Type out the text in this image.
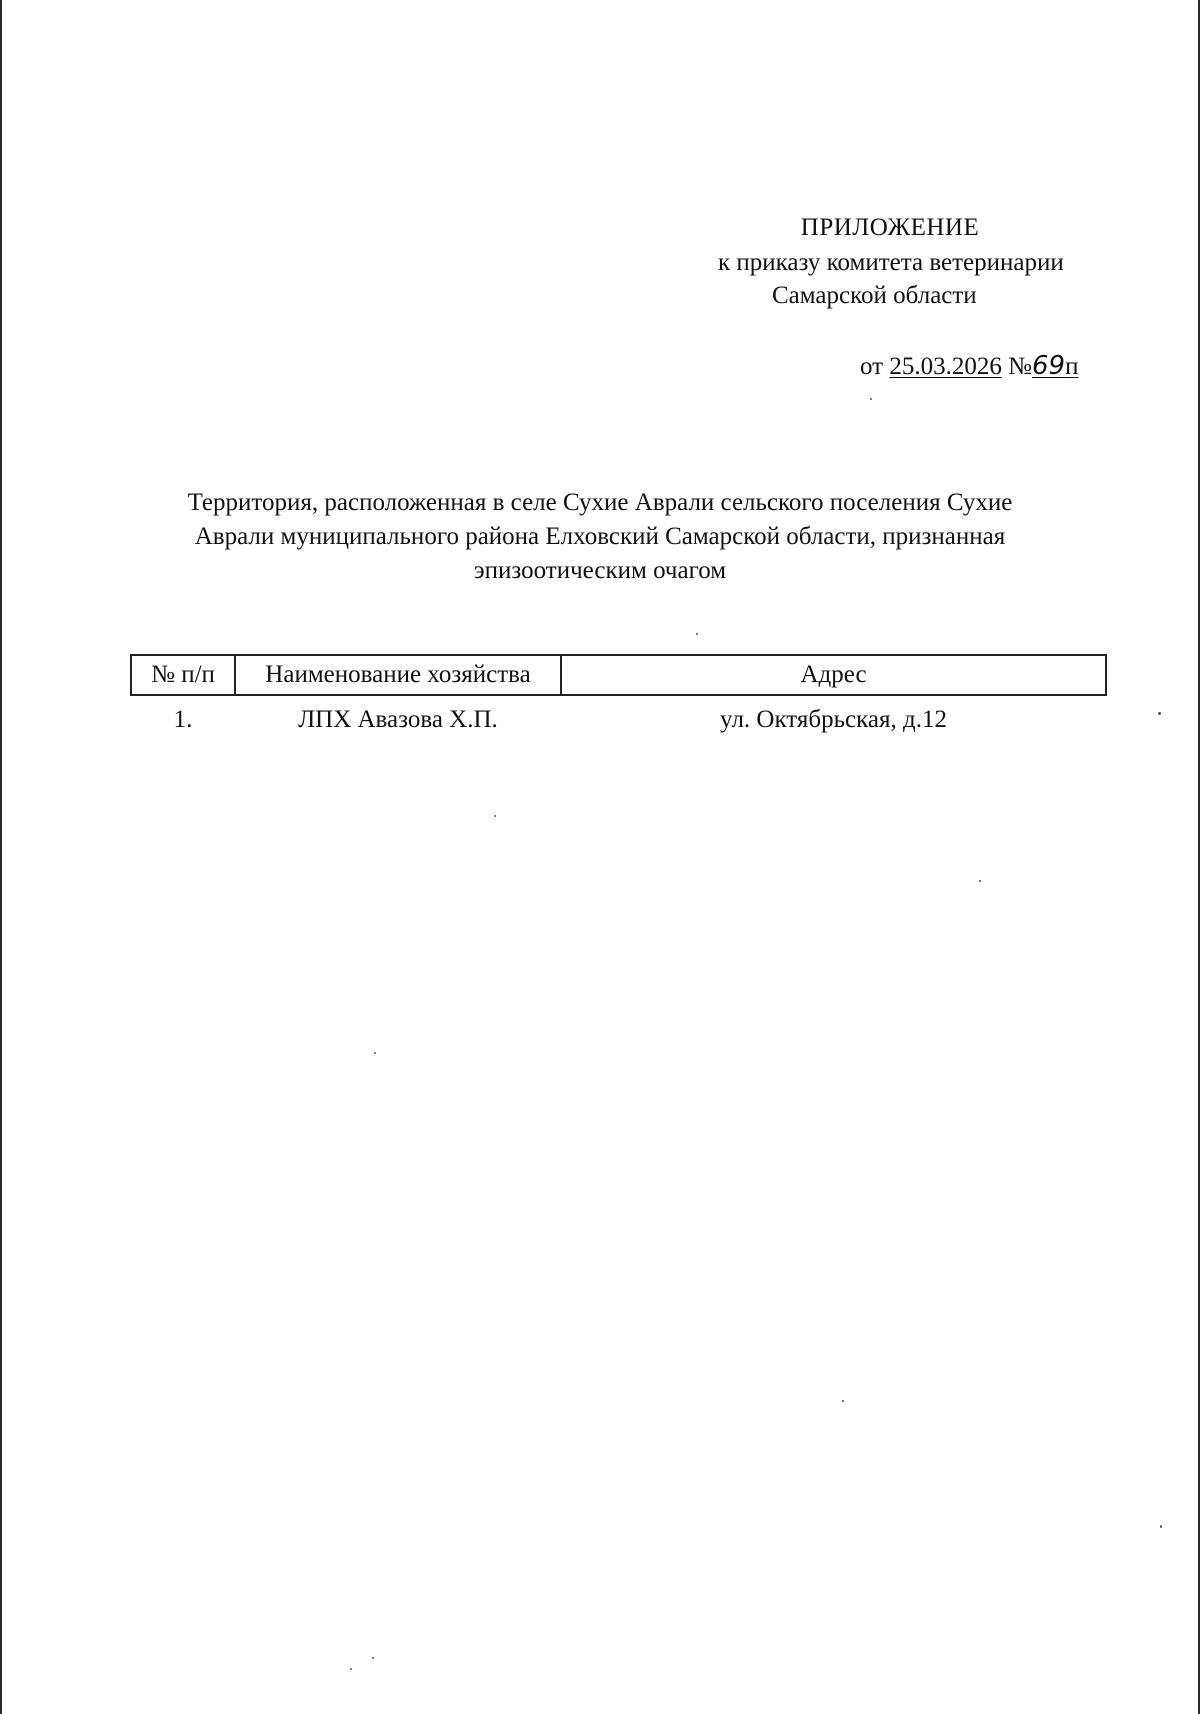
ПРИЛОЖЕНИЕ
к приказу комитета ветеринарии
Самарской области
от 25.03.2026 №69п
Территория, расположенная в селе Сухие Аврали сельского поселения Сухие
Аврали муниципального района Елховский Самарской области, признанная
эпизоотическим очагом
№ п/п	Наименование хозяйства	Адрес
1.	ЛПХ Авазова Х.П.	ул. Октябрьская, д.12
